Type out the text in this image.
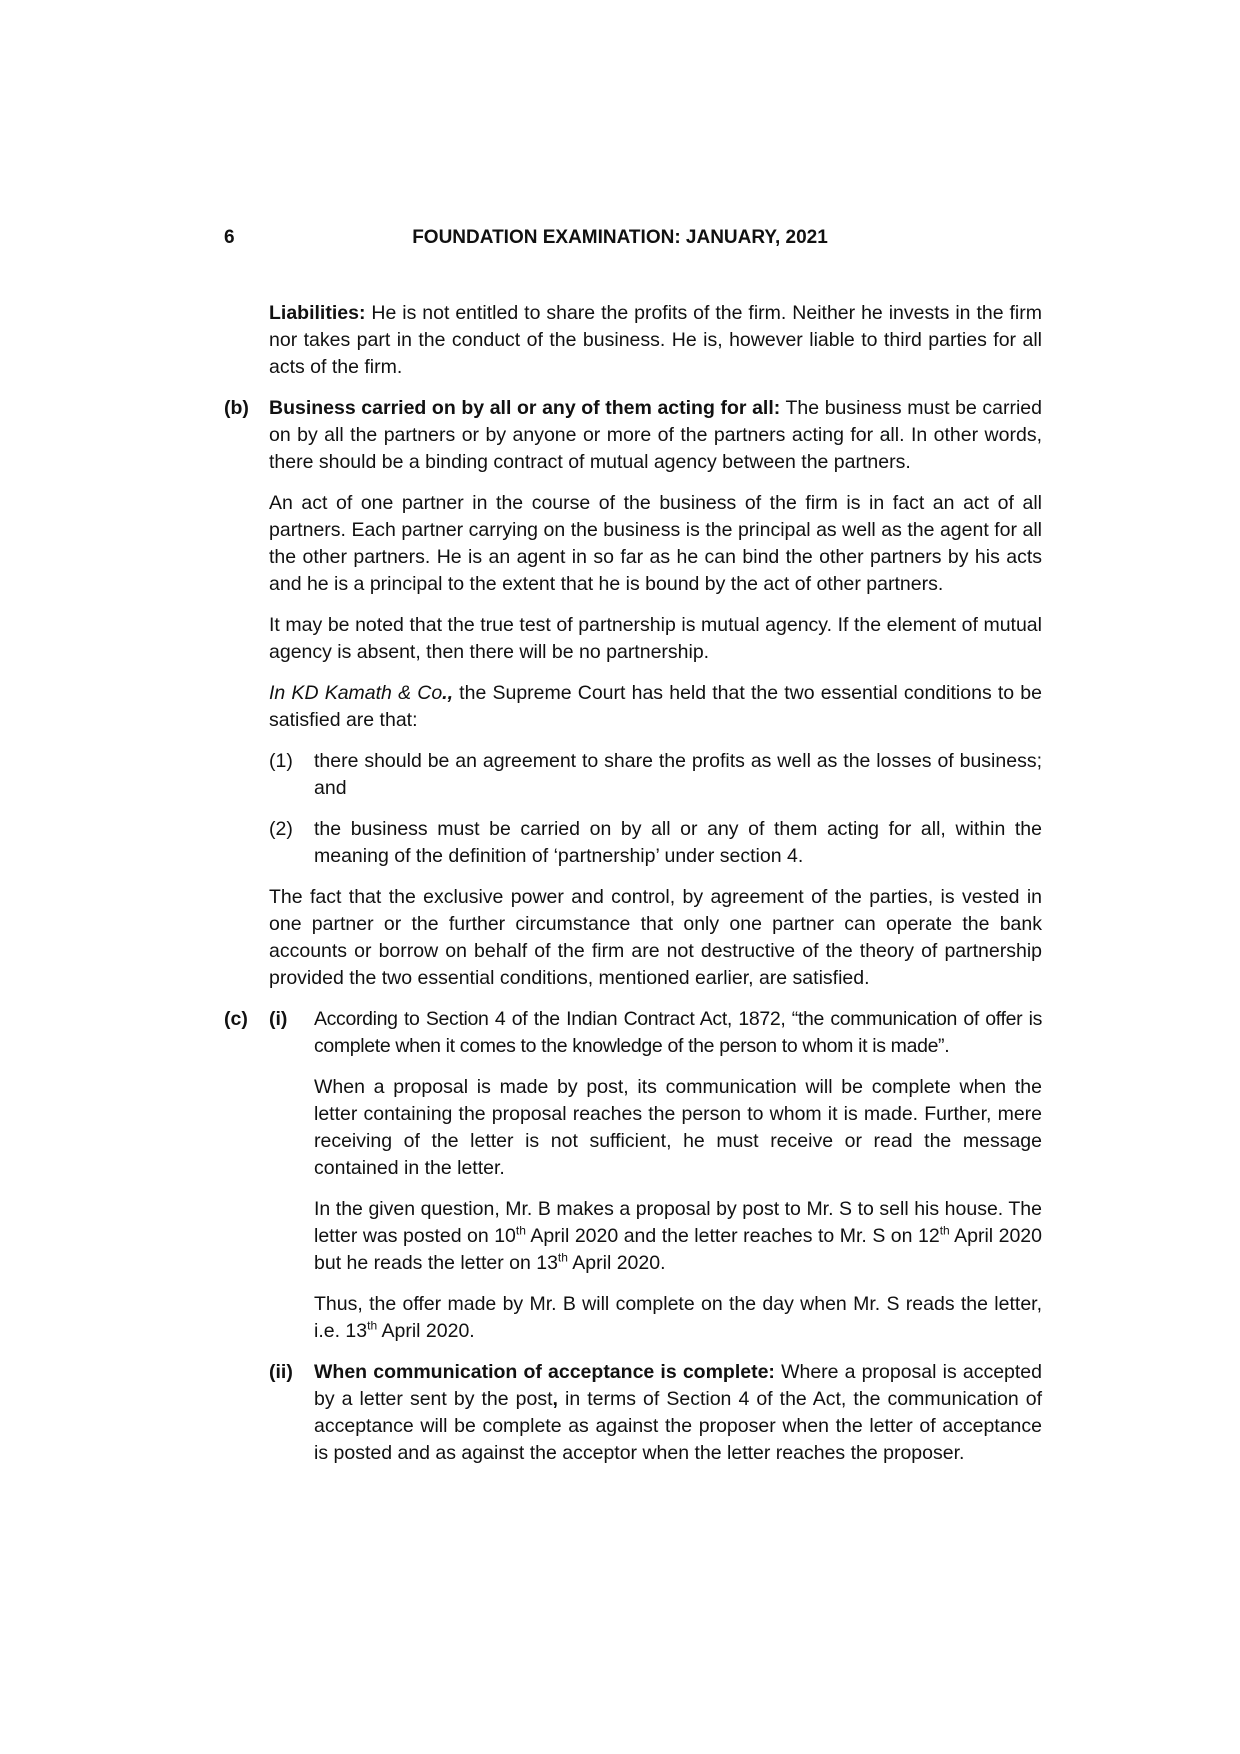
6	FOUNDATION EXAMINATION: JANUARY, 2021

Liabilities: He is not entitled to share the profits of the firm. Neither he invests in the firm nor takes part in the conduct of the business. He is, however liable to third parties for all acts of the firm.

(b)	Business carried on by all or any of them acting for all: The business must be carried on by all the partners or by anyone or more of the partners acting for all. In other words, there should be a binding contract of mutual agency between the partners.

An act of one partner in the course of the business of the firm is in fact an act of all partners. Each partner carrying on the business is the principal as well as the agent for all the other partners. He is an agent in so far as he can bind the other partners by his acts and he is a principal to the extent that he is bound by the act of other partners.

It may be noted that the true test of partnership is mutual agency. If the element of mutual agency is absent, then there will be no partnership.

In KD Kamath & Co., the Supreme Court has held that the two essential conditions to be satisfied are that:

(1)	there should be an agreement to share the profits as well as the losses of business; and

(2)	the business must be carried on by all or any of them acting for all, within the meaning of the definition of ‘partnership’ under section 4.

The fact that the exclusive power and control, by agreement of the parties, is vested in one partner or the further circumstance that only one partner can operate the bank accounts or borrow on behalf of the firm are not destructive of the theory of partnership provided the two essential conditions, mentioned earlier, are satisfied.

(c)	(i)	According to Section 4 of the Indian Contract Act, 1872, “the communication of offer is complete when it comes to the knowledge of the person to whom it is made”.

When a proposal is made by post, its communication will be complete when the letter containing the proposal reaches the person to whom it is made. Further, mere receiving of the letter is not sufficient, he must receive or read the message contained in the letter.

In the given question, Mr. B makes a proposal by post to Mr. S to sell his house. The letter was posted on 10th April 2020 and the letter reaches to Mr. S on 12th April 2020 but he reads the letter on 13th April 2020.

Thus, the offer made by Mr. B will complete on the day when Mr. S reads the letter, i.e. 13th April 2020.

(ii)	When communication of acceptance is complete: Where a proposal is accepted by a letter sent by the post, in terms of Section 4 of the Act, the communication of acceptance will be complete as against the proposer when the letter of acceptance is posted and as against the acceptor when the letter reaches the proposer.
